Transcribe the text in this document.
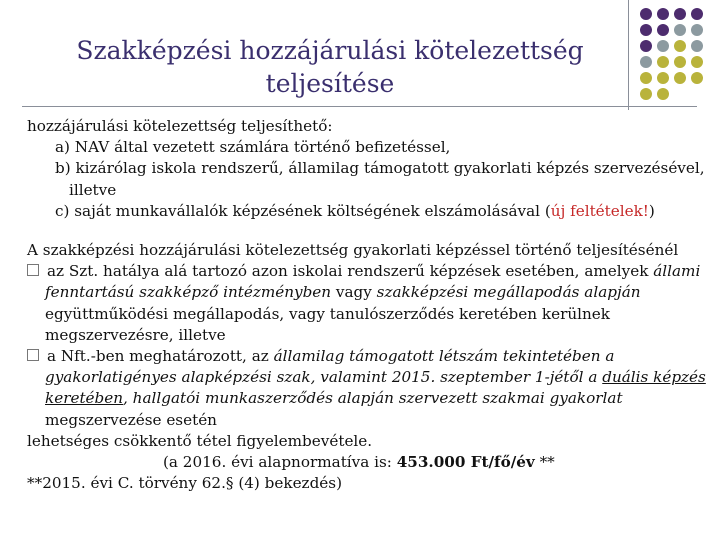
Szakképzési hozzájárulási kötelezettség
teljesítése

hozzájárulási kötelezettség teljesíthető:

a) NAV által vezetett számlára történő befizetéssel,

b) kizárólag iskola rendszerű, államilag támogatott gyakorlati képzés szervezésével,

illetve

c) saját munkavállalók képzésének költségének elszámolásával (új feltételek!)

A szakképzési hozzájárulási kötelezettség gyakorlati képzéssel történő teljesítésénél

az Szt. hatálya alá tartozó azon iskolai rendszerű képzések esetében, amelyek állami

fenntartású szakképző intézményben vagy szakképzési megállapodás alapján

együttműködési megállapodás, vagy tanulószerződés keretében kerülnek

megszervezésre, illetve

a Nft.-ben meghatározott, az államilag támogatott létszám tekintetében a

gyakorlatigényes alapképzési szak, valamint 2015. szeptember 1-jétől a duális képzés

keretében, hallgatói munkaszerződés alapján szervezett szakmai gyakorlat

megszervezése esetén

lehetséges csökkentő tétel figyelembevétele.

(a 2016. évi alapnormatíva is: 453.000 Ft/fő/év **

**2015. évi C. törvény 62.§ (4) bekezdés)
